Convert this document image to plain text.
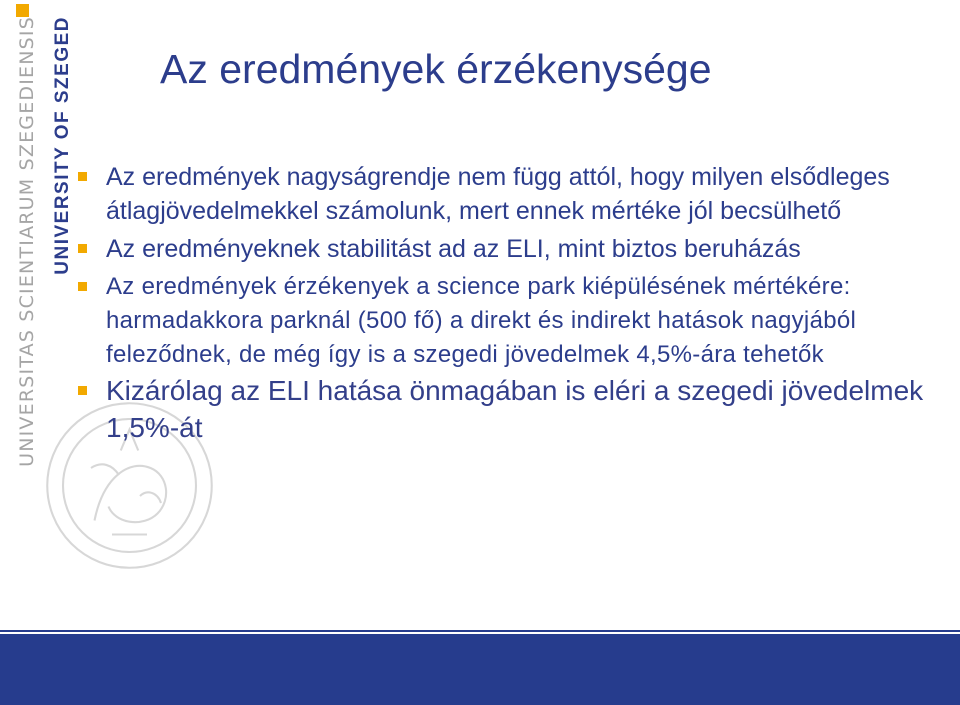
UNIVERSITAS SCIENTIARUM SZEGEDIENSIS UNIVERSITY OF SZEGED Az eredmények érzékenysége
Az eredmények nagyságrendje nem függ attól, hogy milyen elsődleges átlagjövedelmekkel számolunk, mert ennek mértéke jól becsülhető
Az eredményeknek stabilitást ad az ELI, mint biztos beruházás
Az eredmények érzékenyek a science park kiépülésének mértékére: harmadakkora parknál (500 fő) a direkt és indirekt hatások nagyjából feleződnek, de még így is a szegedi jövedelmek 4,5%-ára tehetők
Kizárólag az ELI hatása önmagában is eléri a szegedi jövedelmek 1,5%-át
